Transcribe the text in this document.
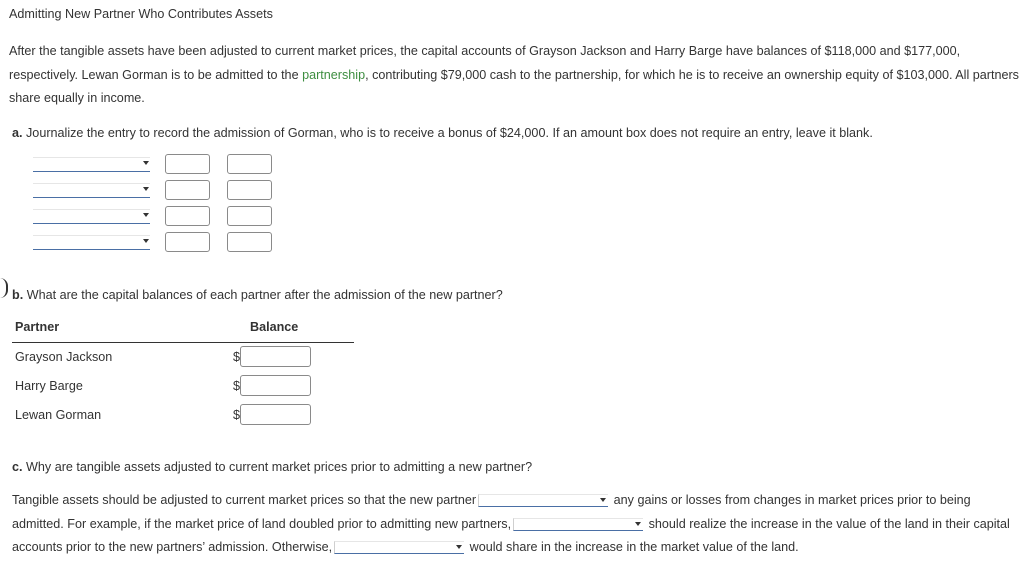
Admitting New Partner Who Contributes Assets
After the tangible assets have been adjusted to current market prices, the capital accounts of Grayson Jackson and Harry Barge have balances of $118,000 and $177,000, respectively. Lewan Gorman is to be admitted to the partnership, contributing $79,000 cash to the partnership, for which he is to receive an ownership equity of $103,000. All partners share equally in income.
a. Journalize the entry to record the admission of Gorman, who is to receive a bonus of $24,000. If an amount box does not require an entry, leave it blank.
b. What are the capital balances of each partner after the admission of the new partner?
Partner	Balance
Grayson Jackson	$
Harry Barge	$
Lewan Gorman	$
c. Why are tangible assets adjusted to current market prices prior to admitting a new partner?
Tangible assets should be adjusted to current market prices so that the new partner	any gains or losses from changes in market prices prior to being admitted. For example, if the market price of land doubled prior to admitting new partners,	should realize the increase in the value of the land in their capital accounts prior to the new partners’ admission. Otherwise,	would share in the increase in the market value of the land.
